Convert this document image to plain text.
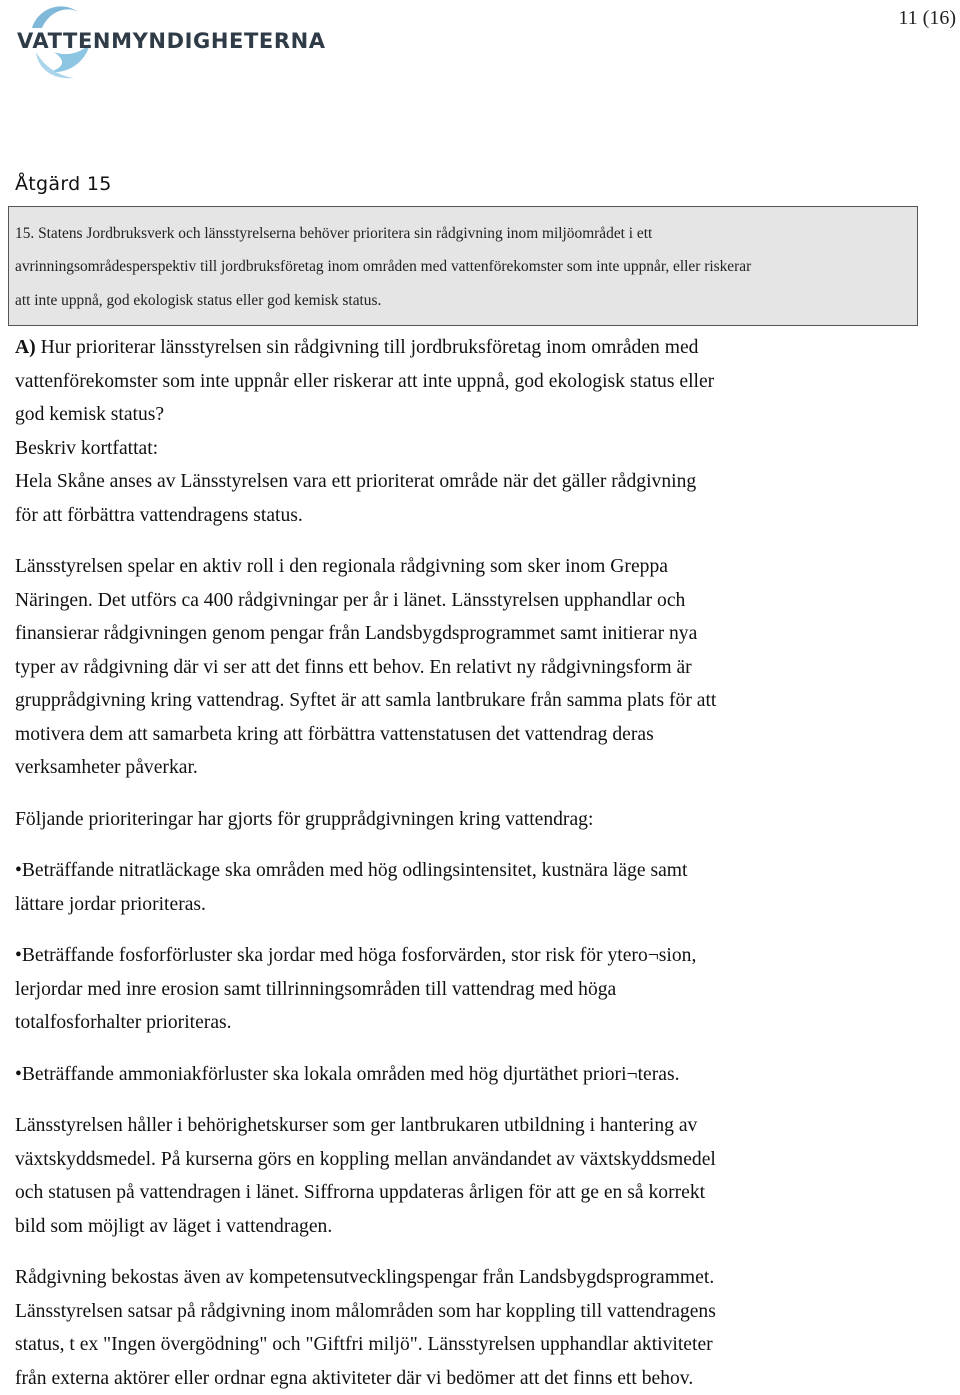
VATTENMYNDIGHETERNA
11 (16)
Åtgärd 15

15. Statens Jordbruksverk och länsstyrelserna behöver prioritera sin rådgivning inom miljöområdet i ett

avrinningsområdesperspektiv till jordbruksföretag inom områden med vattenförekomster som inte uppnår, eller riskerar

att inte uppnå, god ekologisk status eller god kemisk status.

A) Hur prioriterar länsstyrelsen sin rådgivning till jordbruksföretag inom områden med

vattenförekomster som inte uppnår eller riskerar att inte uppnå, god ekologisk status eller

god kemisk status?

Beskriv kortfattat:

Hela Skåne anses av Länsstyrelsen vara ett prioriterat område när det gäller rådgivning

för att förbättra vattendragens status.

Länsstyrelsen spelar en aktiv roll i den regionala rådgivning som sker inom Greppa

Näringen. Det utförs ca 400 rådgivningar per år i länet. Länsstyrelsen upphandlar och

finansierar rådgivningen genom pengar från Landsbygdsprogrammet samt initierar nya

typer av rådgivning där vi ser att det finns ett behov. En relativt ny rådgivningsform är

grupprådgivning kring vattendrag. Syftet är att samla lantbrukare från samma plats för att

motivera dem att samarbeta kring att förbättra vattenstatusen det vattendrag deras

verksamheter påverkar.

Följande prioriteringar har gjorts för grupprådgivningen kring vattendrag:

•Beträffande nitratläckage ska områden med hög odlingsintensitet, kustnära läge samt

lättare jordar prioriteras.

•Beträffande fosforförluster ska jordar med höga fosforvärden, stor risk för ytero¬sion,

lerjordar med inre erosion samt tillrinningsområden till vattendrag med höga

totalfosforhalter prioriteras.

•Beträffande ammoniakförluster ska lokala områden med hög djurtäthet priori¬teras.

Länsstyrelsen håller i behörighetskurser som ger lantbrukaren utbildning i hantering av

växtskyddsmedel. På kurserna görs en koppling mellan användandet av växtskyddsmedel

och statusen på vattendragen i länet. Siffrorna uppdateras årligen för att ge en så korrekt

bild som möjligt av läget i vattendragen.

Rådgivning bekostas även av kompetensutvecklingspengar från Landsbygdsprogrammet.

Länsstyrelsen satsar på rådgivning inom målområden som har koppling till vattendragens

status, t ex "Ingen övergödning" och "Giftfri miljö". Länsstyrelsen upphandlar aktiviteter

från externa aktörer eller ordnar egna aktiviteter där vi bedömer att det finns ett behov.
